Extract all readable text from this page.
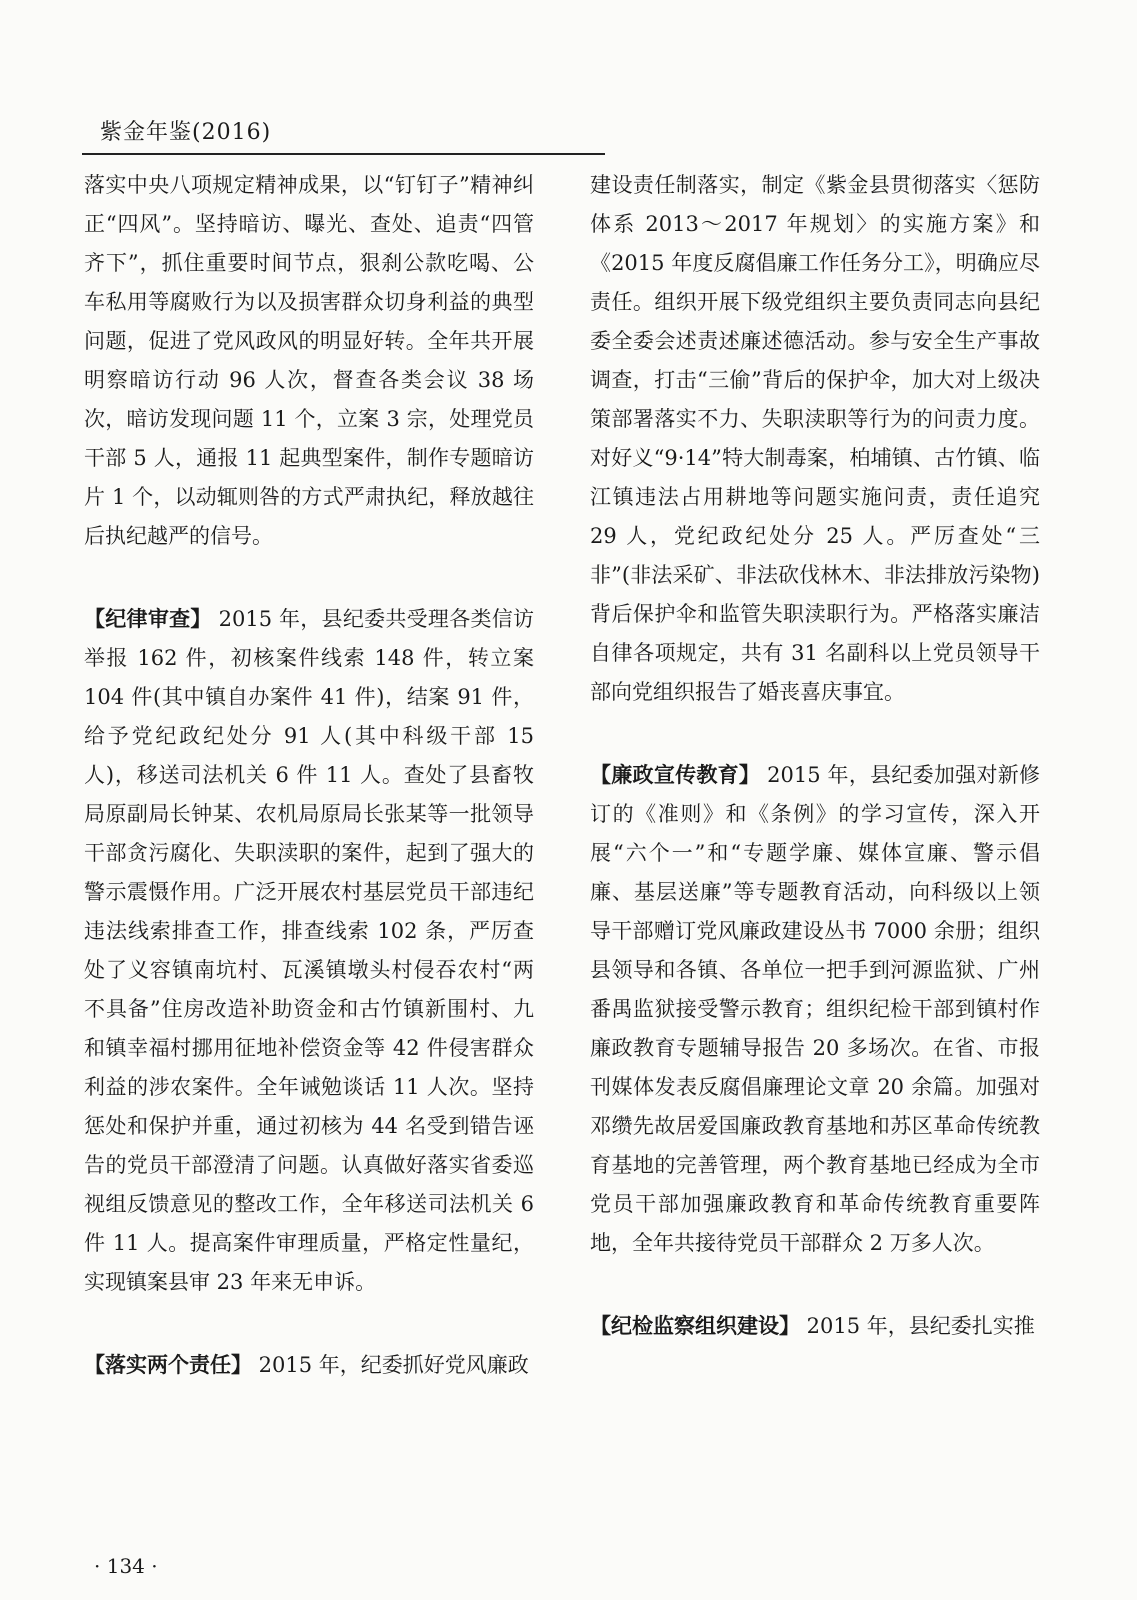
紫金年鉴(2016)

落实中央八项规定精神成果，以“钉钉子”精神纠正“四风”。坚持暗访、曝光、查处、追责“四管齐下”，抓住重要时间节点，狠刹公款吃喝、公车私用等腐败行为以及损害群众切身利益的典型问题，促进了党风政风的明显好转。全年共开展明察暗访行动 96 人次，督查各类会议 38 场次，暗访发现问题 11 个，立案 3 宗，处理党员干部 5 人，通报 11 起典型案件，制作专题暗访片 1 个，以动辄则咎的方式严肃执纪，释放越往后执纪越严的信号。

【纪律审查】 2015 年，县纪委共受理各类信访举报 162 件，初核案件线索 148 件，转立案 104 件(其中镇自办案件 41 件)，结案 91 件，给予党纪政纪处分 91 人(其中科级干部 15 人)，移送司法机关 6 件 11 人。查处了县畜牧局原副局长钟某、农机局原局长张某等一批领导干部贪污腐化、失职渎职的案件，起到了强大的警示震慑作用。广泛开展农村基层党员干部违纪违法线索排查工作，排查线索 102 条，严厉查处了义容镇南坑村、瓦溪镇墩头村侵吞农村“两不具备”住房改造补助资金和古竹镇新围村、九和镇幸福村挪用征地补偿资金等 42 件侵害群众利益的涉农案件。全年诫勉谈话 11 人次。坚持惩处和保护并重，通过初核为 44 名受到错告诬告的党员干部澄清了问题。认真做好落实省委巡视组反馈意见的整改工作，全年移送司法机关 6 件 11 人。提高案件审理质量，严格定性量纪，实现镇案县审 23 年来无申诉。

【落实两个责任】 2015 年，纪委抓好党风廉政

建设责任制落实，制定《紫金县贯彻落实〈惩防体系 2013～2017 年规划〉的实施方案》和《2015 年度反腐倡廉工作任务分工》，明确应尽责任。组织开展下级党组织主要负责同志向县纪委全委会述责述廉述德活动。参与安全生产事故调查，打击“三偷”背后的保护伞，加大对上级决策部署落实不力、失职渎职等行为的问责力度。对好义“9·14”特大制毒案，柏埔镇、古竹镇、临江镇违法占用耕地等问题实施问责，责任追究 29 人，党纪政纪处分 25 人。严厉查处“三非”(非法采矿、非法砍伐林木、非法排放污染物)背后保护伞和监管失职渎职行为。严格落实廉洁自律各项规定，共有 31 名副科以上党员领导干部向党组织报告了婚丧喜庆事宜。

【廉政宣传教育】 2015 年，县纪委加强对新修订的《准则》和《条例》的学习宣传，深入开展“六个一”和“专题学廉、媒体宣廉、警示倡廉、基层送廉”等专题教育活动，向科级以上领导干部赠订党风廉政建设丛书 7000 余册；组织县领导和各镇、各单位一把手到河源监狱、广州番禺监狱接受警示教育；组织纪检干部到镇村作廉政教育专题辅导报告 20 多场次。在省、市报刊媒体发表反腐倡廉理论文章 20 余篇。加强对邓缵先故居爱国廉政教育基地和苏区革命传统教育基地的完善管理，两个教育基地已经成为全市党员干部加强廉政教育和革命传统教育重要阵地，全年共接待党员干部群众 2 万多人次。

【纪检监察组织建设】 2015 年，县纪委扎实推

· 134 ·
